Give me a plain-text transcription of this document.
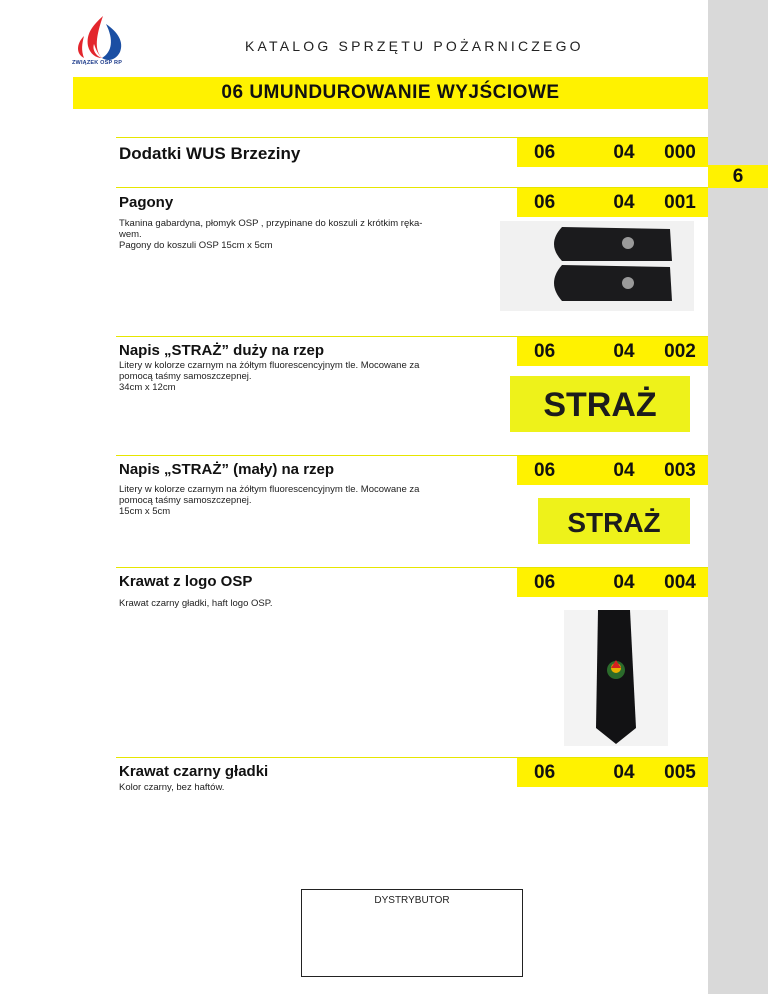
6
ZWIĄZEK OSP RP
KATALOG SPRZĘTU POŻARNICZEGO
06 UMUNDUROWANIE WYJŚCIOWE
06	04	000
Dodatki WUS Brzeziny
06	04	001
Pagony
Tkanina gabardyna, płomyk OSP , przypinane do koszuli z krótkim ręka-
wem.
Pagony do koszuli OSP 15cm x 5cm
06	04	002
Napis „STRAŻ” duży na rzep
Litery w kolorze czarnym na żółtym fluorescencyjnym tle. Mocowane za
pomocą taśmy samoszczepnej.
34cm x 12cm	STRAŻ
06	04	003
Napis „STRAŻ” (mały) na rzep
Litery w kolorze czarnym na żółtym fluorescencyjnym tle. Mocowane za
pomocą taśmy samoszczepnej.
15cm x 5cm	STRAŻ
06	04	004
Krawat z logo OSP
Krawat czarny gładki, haft logo OSP.
06	04	005
Krawat czarny gładki
Kolor czarny, bez haftów.
DYSTRYBUTOR
